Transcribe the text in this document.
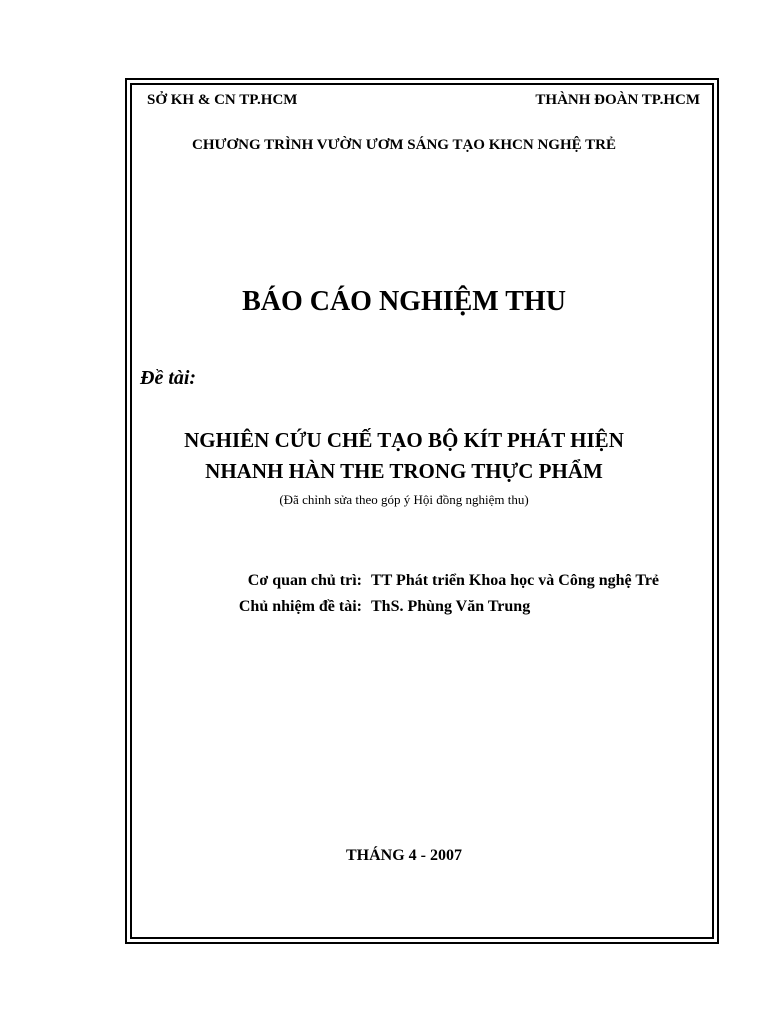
SỞ KH & CN TP.HCM	THÀNH ĐOÀN TP.HCM
CHƯƠNG TRÌNH VƯỜN ƯƠM SÁNG TẠO KHCN NGHỆ TRẺ
BÁO CÁO NGHIỆM THU
Đề tài:
NGHIÊN CỨU CHẾ TẠO BỘ KÍT PHÁT HIỆN
NHANH HÀN THE TRONG THỰC PHẨM
(Đã chỉnh sửa theo góp ý Hội đồng nghiệm thu)
Cơ quan chủ trì: TT Phát triển Khoa học và Công nghệ Trẻ
Chủ nhiệm đề tài: ThS. Phùng Văn Trung
THÁNG 4 - 2007
